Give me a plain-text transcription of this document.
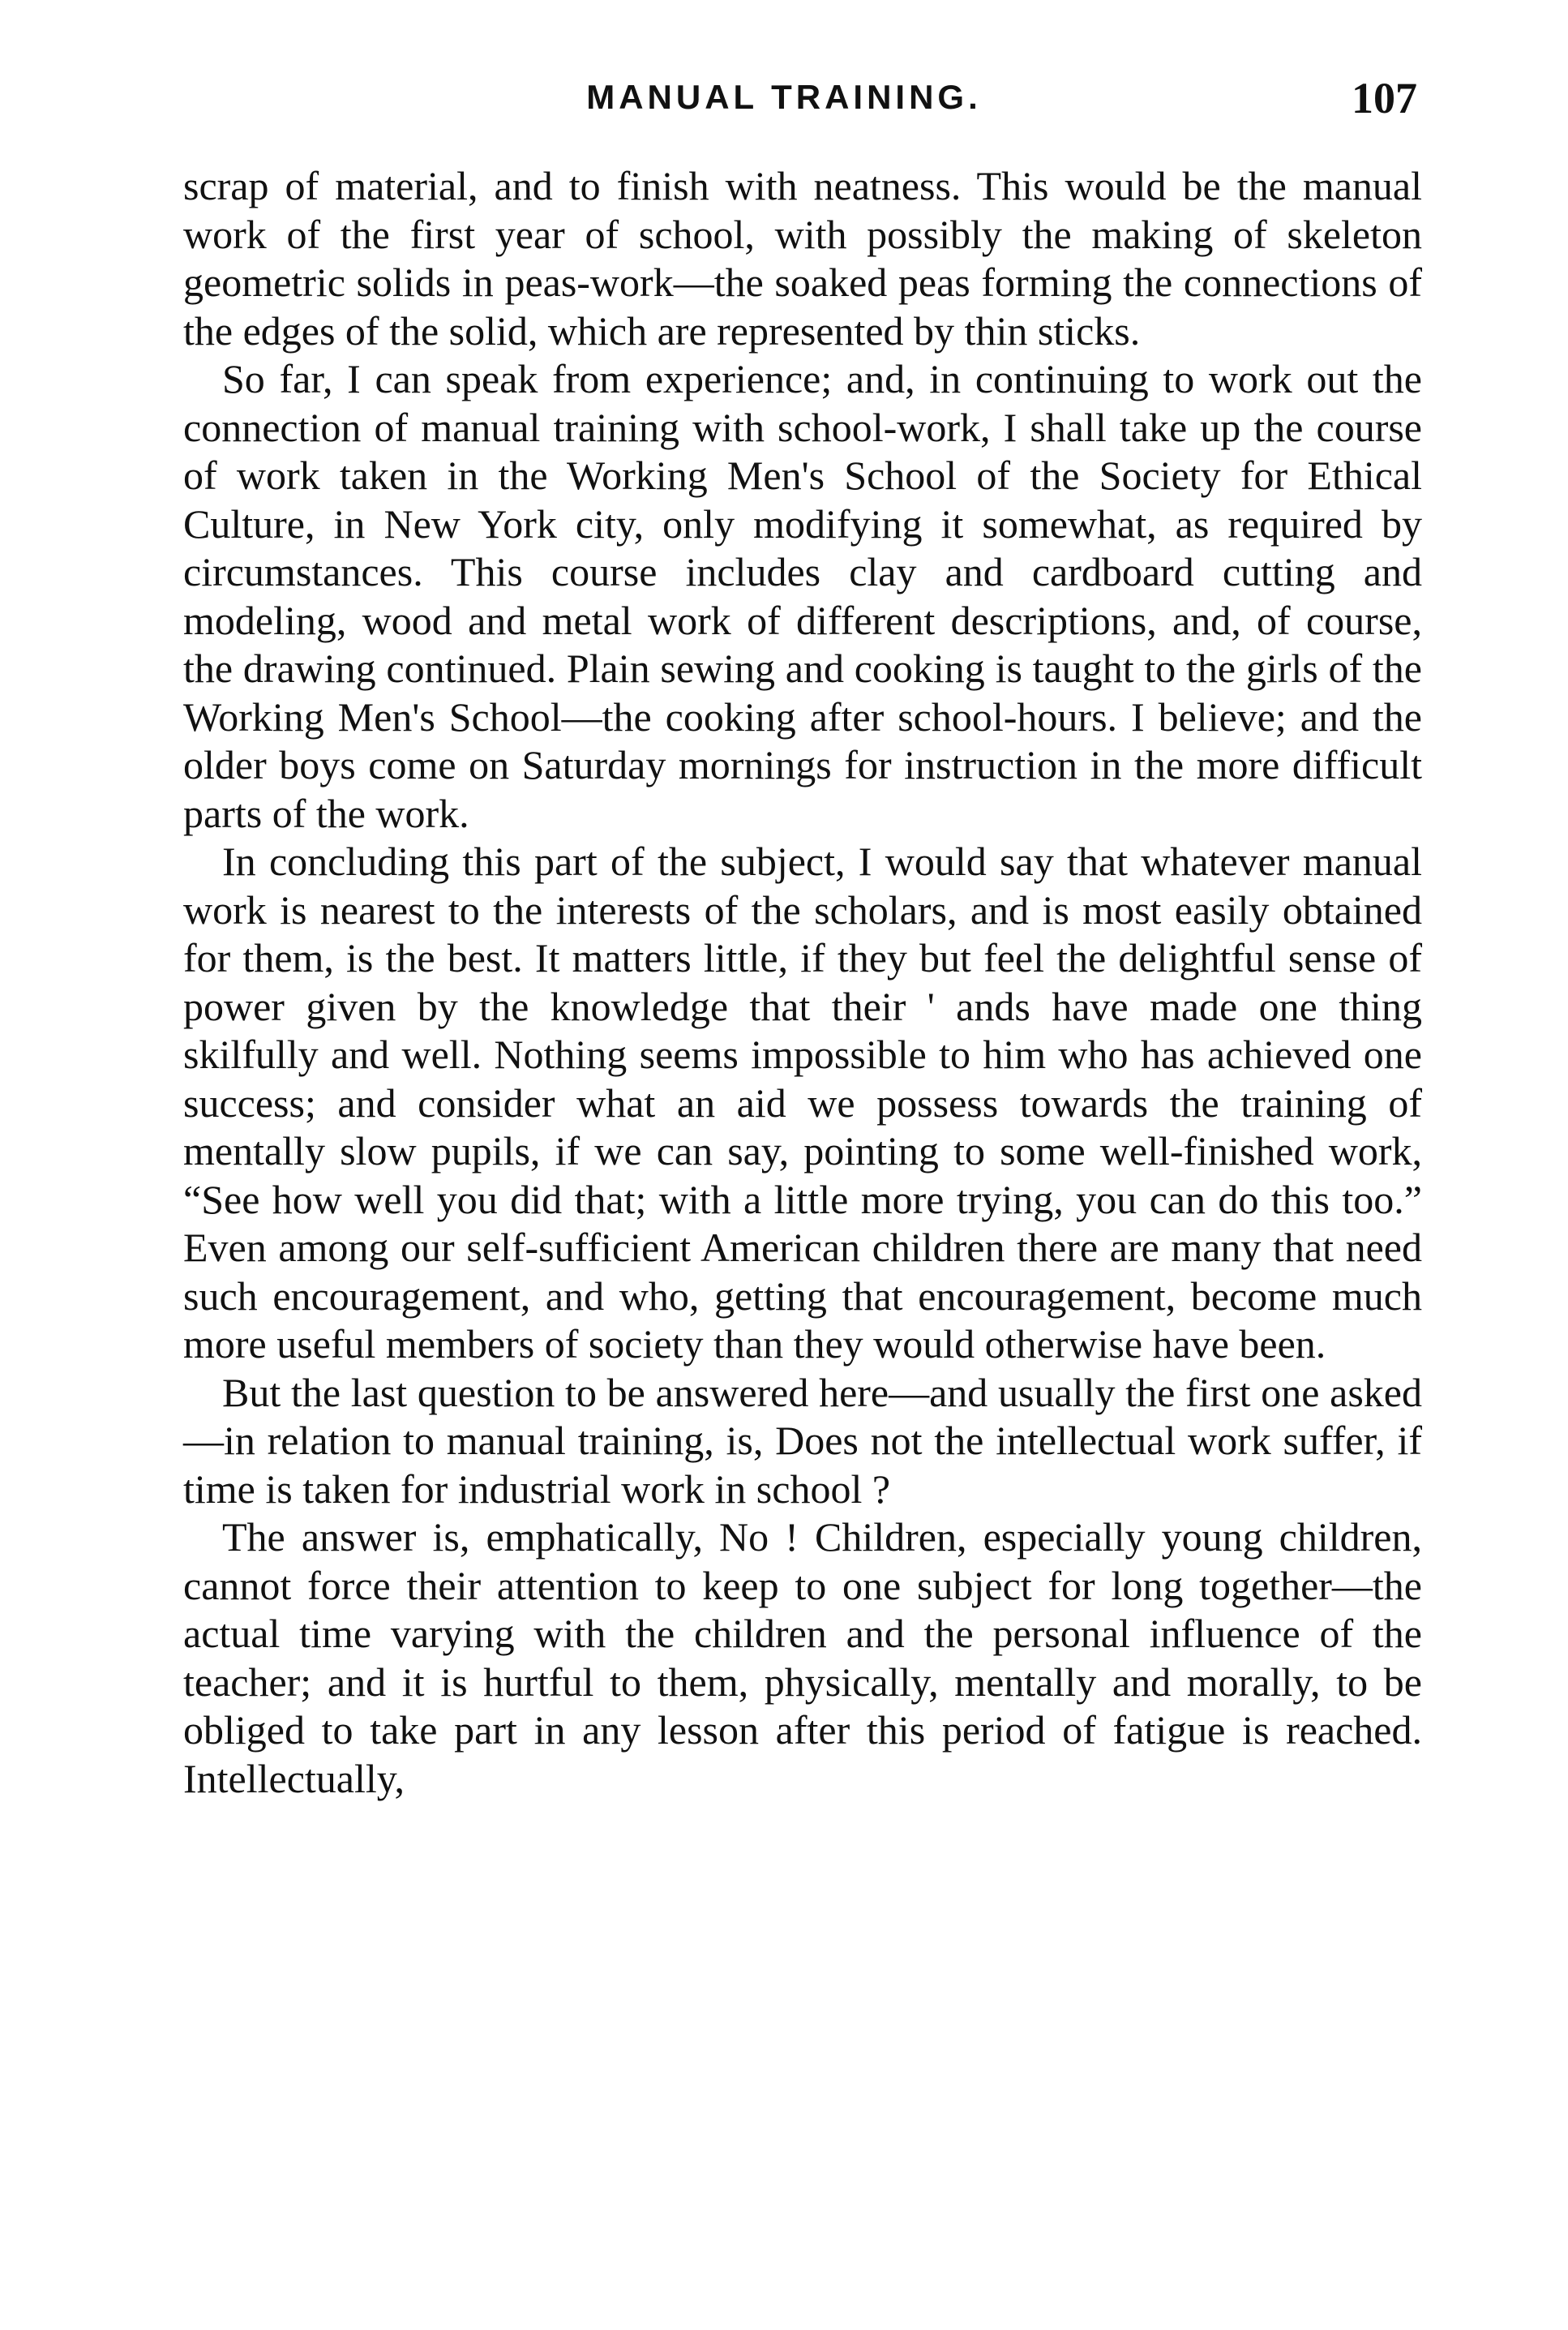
MANUAL TRAINING.	107

scrap of material, and to finish with neatness. This would be the manual work of the first year of school, with possibly the making of skeleton geometric solids in peas-work—the soaked peas forming the connections of the edges of the solid, which are represented by thin sticks.

So far, I can speak from experience; and, in continuing to work out the connection of manual training with school-work, I shall take up the course of work taken in the Working Men's School of the Society for Ethical Culture, in New York city, only modifying it somewhat, as required by circumstances. This course includes clay and cardboard cutting and modeling, wood and metal work of different descriptions, and, of course, the drawing continued. Plain sewing and cooking is taught to the girls of the Working Men's School—the cooking after school-hours. I believe; and the older boys come on Saturday mornings for instruction in the more difficult parts of the work.

In concluding this part of the subject, I would say that whatever manual work is nearest to the interests of the scholars, and is most easily obtained for them, is the best. It matters little, if they but feel the delightful sense of power given by the knowledge that their ' ands have made one thing skilfully and well. Nothing seems impossible to him who has achieved one success; and consider what an aid we possess towards the training of mentally slow pupils, if we can say, pointing to some well-finished work, “See how well you did that; with a little more trying, you can do this too.” Even among our self-sufficient American children there are many that need such encouragement, and who, getting that encouragement, become much more useful members of society than they would otherwise have been.

But the last question to be answered here—and usually the first one asked—in relation to manual training, is, Does not the intellectual work suffer, if time is taken for industrial work in school ?

The answer is, emphatically, No ! Children, especially young children, cannot force their attention to keep to one subject for long together—the actual time varying with the children and the personal influence of the teacher; and it is hurtful to them, physically, mentally and morally, to be obliged to take part in any lesson after this period of fatigue is reached. Intellectually,
